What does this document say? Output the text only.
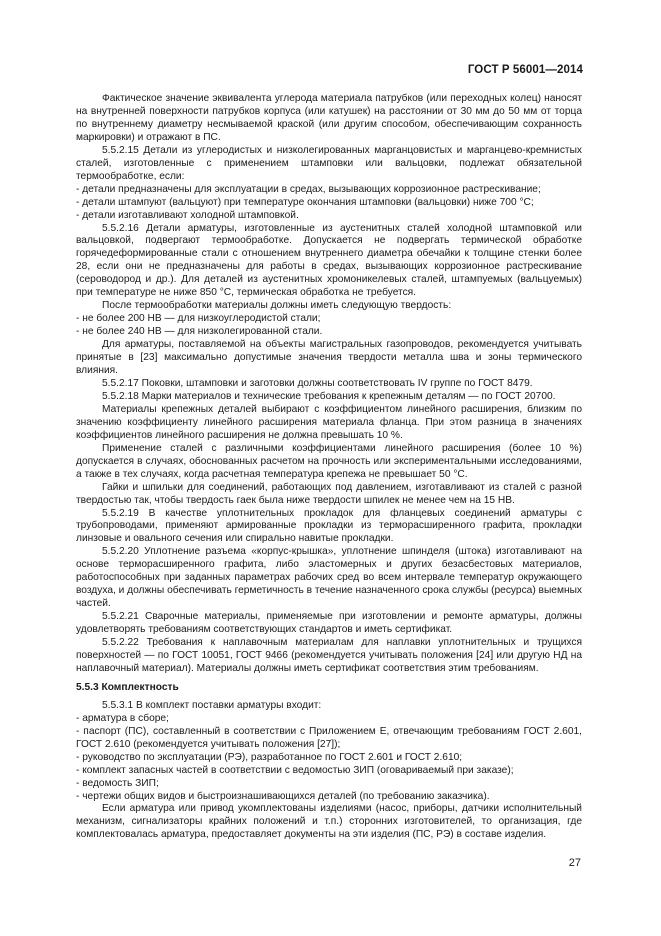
ГОСТ Р 56001—2014

Фактическое значение эквивалента углерода материала патрубков (или переходных колец) наносят на внутренней поверхности патрубков корпуса (или катушек) на расстоянии от 30 мм до 50 мм от торца по внутреннему диаметру несмываемой краской (или другим способом, обеспечивающим сохранность маркировки) и отражают в ПС.

5.5.2.15 Детали из углеродистых и низколегированных марганцовистых и марганцево-кремнистых сталей, изготовленные с применением штамповки или вальцовки, подлежат обязательной термообработке, если:

- детали предназначены для эксплуатации в средах, вызывающих коррозионное растрескивание;

- детали штампуют (вальцуют) при температуре окончания штамповки (вальцовки) ниже 700 °C;

- детали изготавливают холодной штамповкой.

5.5.2.16 Детали арматуры, изготовленные из аустенитных сталей холодной штамповкой или вальцовкой, подвергают термообработке. Допускается не подвергать термической обработке горячедеформированные стали с отношением внутреннего диаметра обечайки к толщине стенки более 28, если они не предназначены для работы в средах, вызывающих коррозионное растрескивание (сероводород и др.). Для деталей из аустенитных хромоникелевых сталей, штампуемых (вальцуемых) при температуре не ниже 850 °C, термическая обработка не требуется.

После термообработки материалы должны иметь следующую твердость:

- не более 200 HB — для низкоуглеродистой стали;

- не более 240 HB — для низколегированной стали.

Для арматуры, поставляемой на объекты магистральных газопроводов, рекомендуется учитывать принятые в [23] максимально допустимые значения твердости металла шва и зоны термического влияния.

5.5.2.17 Поковки, штамповки и заготовки должны соответствовать IV группе по ГОСТ 8479.

5.5.2.18 Марки материалов и технические требования к крепежным деталям — по ГОСТ 20700.

Материалы крепежных деталей выбирают с коэффициентом линейного расширения, близким по значению коэффициенту линейного расширения материала фланца. При этом разница в значениях коэффициентов линейного расширения не должна превышать 10 %.

Применение сталей с различными коэффициентами линейного расширения (более 10 %) допускается в случаях, обоснованных расчетом на прочность или экспериментальными исследованиями, а также в тех случаях, когда расчетная температура крепежа не превышает 50 °C.

Гайки и шпильки для соединений, работающих под давлением, изготавливают из сталей с разной твердостью так, чтобы твердость гаек была ниже твердости шпилек не менее чем на 15 HB.

5.5.2.19 В качестве уплотнительных прокладок для фланцевых соединений арматуры с трубопроводами, применяют армированные прокладки из терморасширенного графита, прокладки линзовые и овального сечения или спирально навитые прокладки.

5.5.2.20 Уплотнение разъема «корпус-крышка», уплотнение шпинделя (штока) изготавливают на основе терморасширенного графита, либо эластомерных и других безасбестовых материалов, работоспособных при заданных параметрах рабочих сред во всем интервале температур окружающего воздуха, и должны обеспечивать герметичность в течение назначенного срока службы (ресурса) выемных частей.

5.5.2.21 Сварочные материалы, применяемые при изготовлении и ремонте арматуры, должны удовлетворять требованиям соответствующих стандартов и иметь сертификат.

5.5.2.22 Требования к наплавочным материалам для наплавки уплотнительных и трущихся поверхностей — по ГОСТ 10051, ГОСТ 9466 (рекомендуется учитывать положения [24] или другую НД на наплавочный материал). Материалы должны иметь сертификат соответствия этим требованиям.

5.5.3 Комплектность

5.5.3.1 В комплект поставки арматуры входит:

- арматура в сборе;

- паспорт (ПС), составленный в соответствии с Приложением Е, отвечающим требованиям ГОСТ 2.601, ГОСТ 2.610 (рекомендуется учитывать положения [27]);

- руководство по эксплуатации (РЭ), разработанное по ГОСТ 2.601 и ГОСТ 2.610;

- комплект запасных частей в соответствии с ведомостью ЗИП (оговариваемый при заказе);

- ведомость ЗИП;

- чертежи общих видов и быстроизнашивающихся деталей (по требованию заказчика).

Если арматура или привод укомплектованы изделиями (насос, приборы, датчики исполнительный механизм, сигнализаторы крайних положений и т.п.) сторонних изготовителей, то организация, где комплектовалась арматура, предоставляет документы на эти изделия (ПС, РЭ) в составе изделия.

27
